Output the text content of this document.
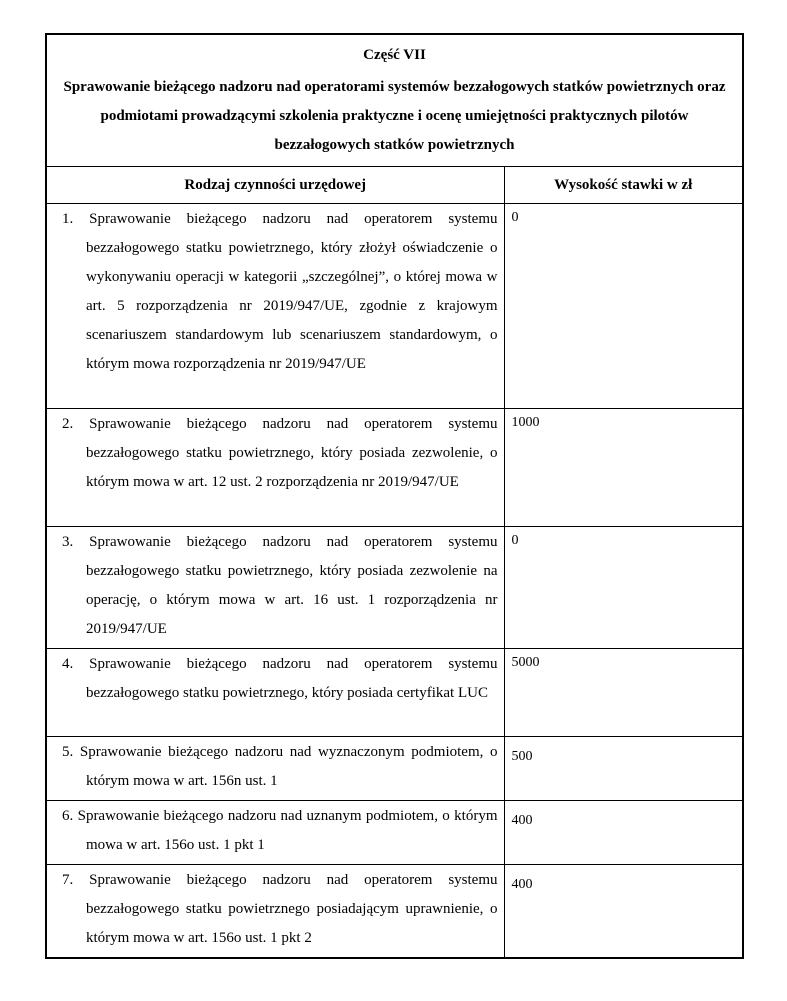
Część VII
Sprawowanie bieżącego nadzoru nad operatorami systemów bezzałogowych statków powietrznych oraz podmiotami prowadzącymi szkolenia praktyczne i ocenę umiejętności praktycznych pilotów bezzałogowych statków powietrznych	

Rodzaj czynności urzędowej	Wysokość stawki w zł

1. Sprawowanie bieżącego nadzoru nad operatorem systemu bezzałogowego statku powietrznego, który złożył oświadczenie o wykonywaniu operacji w kategorii „szczególnej”, o której mowa w art. 5 rozporządzenia nr 2019/947/UE, zgodnie z krajowym scenariuszem standardowym lub scenariuszem standardowym, o którym mowa rozporządzenia nr 2019/947/UE	0

2. Sprawowanie bieżącego nadzoru nad operatorem systemu bezzałogowego statku powietrznego, który posiada zezwolenie, o którym mowa w art. 12 ust. 2 rozporządzenia nr 2019/947/UE	1000

3. Sprawowanie bieżącego nadzoru nad operatorem systemu bezzałogowego statku powietrznego, który posiada zezwolenie na operację, o którym mowa w art. 16 ust. 1 rozporządzenia nr 2019/947/UE	0

4. Sprawowanie bieżącego nadzoru nad operatorem systemu bezzałogowego statku powietrznego, który posiada certyfikat LUC	5000

5. Sprawowanie bieżącego nadzoru nad wyznaczonym podmiotem, o którym mowa w art. 156n ust. 1	500

6. Sprawowanie bieżącego nadzoru nad uznanym podmiotem, o którym mowa w art. 156o ust. 1 pkt 1	400

7. Sprawowanie bieżącego nadzoru nad operatorem systemu bezzałogowego statku powietrznego posiadającym uprawnienie, o którym mowa w art. 156o ust. 1 pkt 2	400
